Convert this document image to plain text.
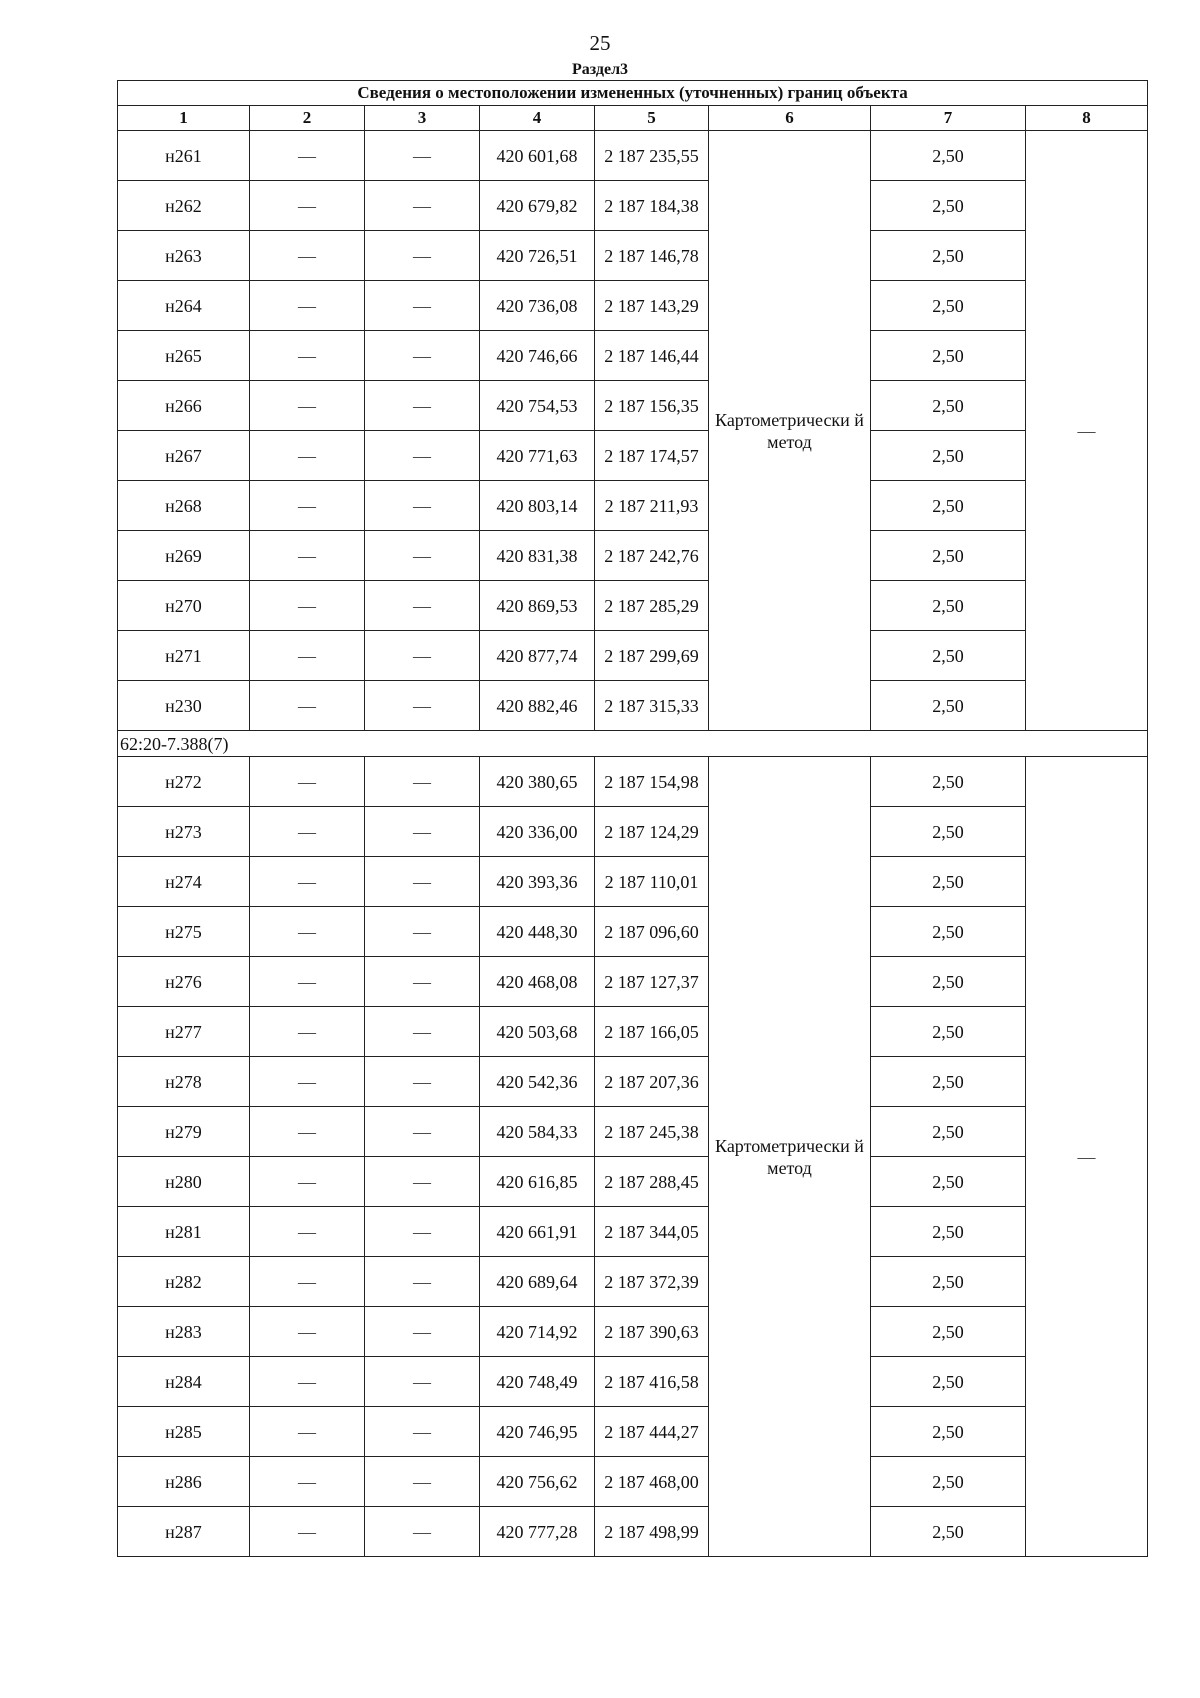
25
Раздел3
Сведения о местоположении измененных (уточненных) границ объекта							
1	2	3	4	5	6	7	8
н261	—	—	420 601,68	2 187 235,55	Картометрически й метод	2,50	—
н262	—	—	420 679,82	2 187 184,38		2,50	
н263	—	—	420 726,51	2 187 146,78		2,50	
н264	—	—	420 736,08	2 187 143,29		2,50	
н265	—	—	420 746,66	2 187 146,44		2,50	
н266	—	—	420 754,53	2 187 156,35		2,50	
н267	—	—	420 771,63	2 187 174,57		2,50	
н268	—	—	420 803,14	2 187 211,93		2,50	
н269	—	—	420 831,38	2 187 242,76		2,50	
н270	—	—	420 869,53	2 187 285,29		2,50	
н271	—	—	420 877,74	2 187 299,69		2,50	
н230	—	—	420 882,46	2 187 315,33		2,50	
62:20-7.388(7)							
н272	—	—	420 380,65	2 187 154,98	Картометрически й метод	2,50	—
н273	—	—	420 336,00	2 187 124,29		2,50	
н274	—	—	420 393,36	2 187 110,01		2,50	
н275	—	—	420 448,30	2 187 096,60		2,50	
н276	—	—	420 468,08	2 187 127,37		2,50	
н277	—	—	420 503,68	2 187 166,05		2,50	
н278	—	—	420 542,36	2 187 207,36		2,50	
н279	—	—	420 584,33	2 187 245,38		2,50	
н280	—	—	420 616,85	2 187 288,45		2,50	
н281	—	—	420 661,91	2 187 344,05		2,50	
н282	—	—	420 689,64	2 187 372,39		2,50	
н283	—	—	420 714,92	2 187 390,63		2,50	
н284	—	—	420 748,49	2 187 416,58		2,50	
н285	—	—	420 746,95	2 187 444,27		2,50	
н286	—	—	420 756,62	2 187 468,00		2,50	
н287	—	—	420 777,28	2 187 498,99		2,50	
